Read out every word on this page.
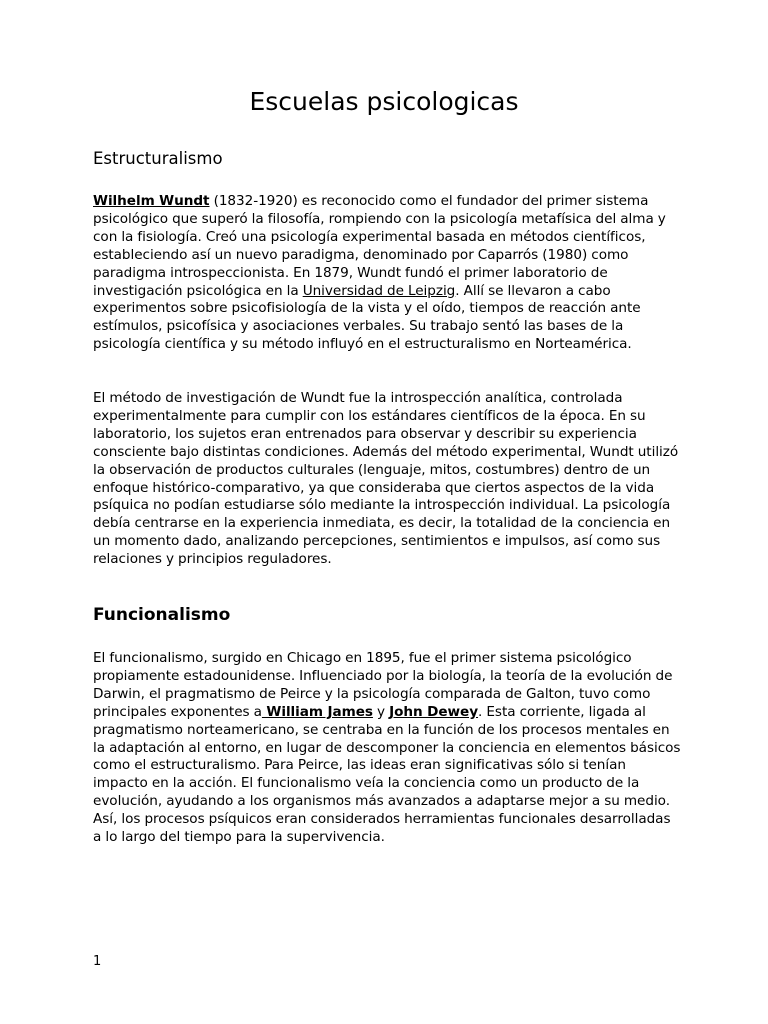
Escuelas psicologicas
Estructuralismo

Wilhelm Wundt (1832-1920) es reconocido como el fundador del primer sistema psicológico que superó la filosofía, rompiendo con la psicología metafísica del alma y con la fisiología. Creó una psicología experimental basada en métodos científicos, estableciendo así un nuevo paradigma, denominado por Caparrós (1980) como paradigma introspeccionista. En 1879, Wundt fundó el primer laboratorio de investigación psicológica en la Universidad de Leipzig. Allí se llevaron a cabo experimentos sobre psicofisiología de la vista y el oído, tiempos de reacción ante estímulos, psicofísica y asociaciones verbales. Su trabajo sentó las bases de la psicología científica y su método influyó en el estructuralismo en Norteamérica.

El método de investigación de Wundt fue la introspección analítica, controlada experimentalmente para cumplir con los estándares científicos de la época. En su laboratorio, los sujetos eran entrenados para observar y describir su experiencia consciente bajo distintas condiciones. Además del método experimental, Wundt utilizó la observación de productos culturales (lenguaje, mitos, costumbres) dentro de un enfoque histórico-comparativo, ya que consideraba que ciertos aspectos de la vida psíquica no podían estudiarse sólo mediante la introspección individual. La psicología debía centrarse en la experiencia inmediata, es decir, la totalidad de la conciencia en un momento dado, analizando percepciones, sentimientos e impulsos, así como sus relaciones y principios reguladores.

Funcionalismo

El funcionalismo, surgido en Chicago en 1895, fue el primer sistema psicológico propiamente estadounidense. Influenciado por la biología, la teoría de la evolución de Darwin, el pragmatismo de Peirce y la psicología comparada de Galton, tuvo como principales exponentes a William James y John Dewey. Esta corriente, ligada al pragmatismo norteamericano, se centraba en la función de los procesos mentales en la adaptación al entorno, en lugar de descomponer la conciencia en elementos básicos como el estructuralismo. Para Peirce, las ideas eran significativas sólo si tenían impacto en la acción. El funcionalismo veía la conciencia como un producto de la evolución, ayudando a los organismos más avanzados a adaptarse mejor a su medio. Así, los procesos psíquicos eran considerados herramientas funcionales desarrolladas a lo largo del tiempo para la supervivencia.

1
